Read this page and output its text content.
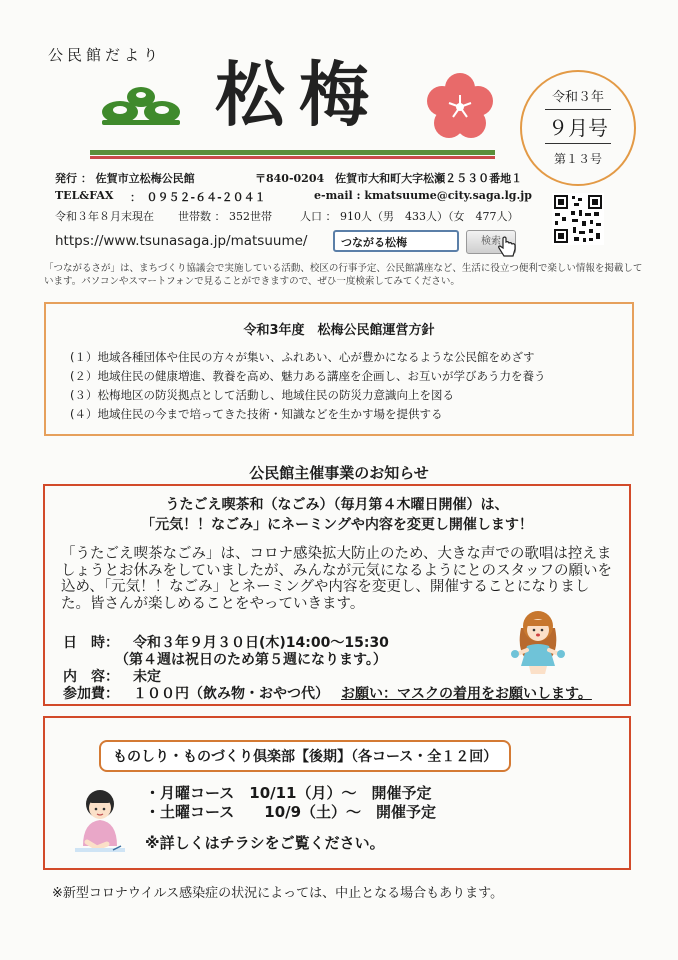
公民館だより 松梅	令和３年
９月号
第１３号
発行 ： 佐賀市立松梅公民館	〒840-0204　佐賀市大和町大字松瀬２５３０番地１
TEL&FAX ：　０９５２-６４-２０４１	e-mail : kmatsuume@city.saga.lg.jp
令和３年８月末現在 世帯数 ： 352世帯	人口 ： 910人（男　433人）（女　477人）
https://www.tsunasaga.jp/matsuume/	つながる松梅	検索
「つながるさが」は、まちづくり協議会で実施している活動、校区の行事予定、公民館講座など、生活に役立つ便利で楽しい情報を掲載しています。パソコンやスマートフォンで見ることができますので、ぜひ一度検索してみてください。
令和3年度　松梅公民館運営方針
(１）地域各種団体や住民の方々が集い、ふれあい、心が豊かになるような公民館をめざす
(２）地域住民の健康増進、教養を高め、魅力ある講座を企画し、お互いが学びあう力を養う
(３）松梅地区の防災拠点として活動し、地域住民の防災力意識向上を図る
(４）地域住民の今まで培ってきた技術・知識などを生かす場を提供する
公民館主催事業のお知らせ
うたごえ喫茶和（なごみ）（毎月第４木曜日開催）は、
「元気！！なごみ」にネーミングや内容を変更し開催します！
「うたごえ喫茶なごみ」は、コロナ感染拡大防止のため、大きな声での歌唱は控えましょうとお休みをしていましたが、みんなが元気になるようにとのスタッフの願いを込め、「元気！！なごみ」とネーミングや内容を変更し、開催することになりました。皆さんが楽しめることをやっていきます。
日　時： 令和３年９月３０日(木)14:00～15:30
（第４週は祝日のため第５週になります。）
内　容： 未定
参加費： １００円（飲み物・おやつ代） お願い：マスクの着用をお願いします。
ものしり・ものづくり倶楽部【後期】（各コース・全１２回）
・月曜コース　10/11（月）～　開催予定
・土曜コース　　10/9（土）～　開催予定
※詳しくはチラシをご覧ください。
※新型コロナウイルス感染症の状況によっては、中止となる場合もあります。
